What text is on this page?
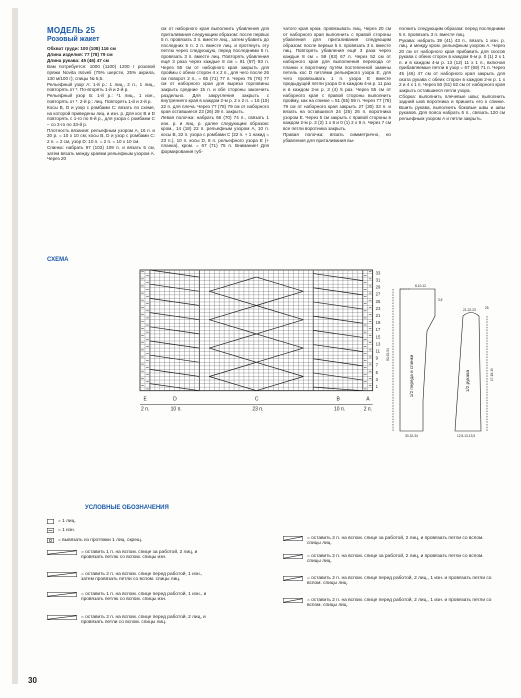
МОДЕЛЬ 25
Розовый жакет

Обхват груди: 100 (108) 116 см

Длина изделия: 77 (78) 79 см

Длина рукава: 45 (46) 47 см

Вам потребуется: 1000 (1100) 1200 г розовой пряжи Novita Isoveli (75% шерсти, 25% акрила, 130 м/100 г); спицы № 5,5.

Рельефный узор А: 1-й р.: 1 лиц., 2 п., 1 лиц., повторять от *. По-вторять 1-й и 2-й р.

Рельефный узор Б: 1-й р.: *1 лиц., 1 изн., повторять от *. 2-й р.: лиц. Повторять 1-й и 2-й р.

Косы В, D и узор с ромбами С: вязать по схеме, на которой приведены лиц. и изн. р. Для кос В и D повторять с 1-го по 8-й р., для узора с ромбами С – со 2-го по 33-й р.

Плотность вязания: рельефным узором А, 16 п. и 20 р. = 10 х 10 см; косы В, D и узор с ромбами С: 2 п. = 2 см, узор D: 10 п. = 2 п. = 10 х 10 см.

Спинка: набрать 97 (103) 109 п. и вязать 5 см, затем вязать между краями рельефным узором А. Через 20

см от наборного края выполнить убавления для приталивания следующим образом: после первых 5 п. провязать 3 п. вместе лиц., затем убавить до последних 5 п. 2 п. вместе лиц. и протянуть эту петлю через следующую, перед последними 5 п. провязать 3 п. вместе лиц. Повторять убавления ещё 3 раза через каждые 8 см = 81 (87) 93 п. Через 55 см от наборного края закрыть для проймы с обеих сторон 4 х 2 п., для чего после 26 см поворот 2 п., = 65 (71) 77 п. Через 75 (76) 77 см от наборного края для выреза горловины закрыть средние 15 п. и обе стороны закончить раздельно. Для закругления закрыть с внутреннего края в каждом 2-м р. 2 х 2 п. = 16 (19) 22 п. для плеча. Через 77 (78) 79 см от наборного края оставшиеся 23 (26) 29 п. закрыть.

Левая полочка: набрать 66 (70) 74 п., связать 1 изн. р. и лиц. р. далее следующим образом: кром., 14 (18) 22 п. рельефным узором А, 10 п. косы В, 22 п. узора с ромбами С (22 п. + 1 накид = 23 п.), 10 п. косы D, 8 п. рельефного узора Е (+ планка), кром. = 67 (71) 75 п. Внимание! Для формирования губ-

чатого края кром. провязывать лиц. Через 20 см от наборного края выполнить с правой стороны убавления для приталивания следующим образом: после первых 5 п. провязать 3 п. вместе лиц. Повторять убавления ещё 3 раза через каждые 8 см = 59 (63) 67 п. Через 52 см от наборного края для выполнения перехода от планки к воротнику путём постепенной замены петель кос D петлями рельефного узора Е, для чего провязывать 1 п. узора Е вместе предыдущей петли узора D в каждом 4-м р. 11 раз и в каждом 2-м р. 3 (4) 5 раз. Через 55 см от наборного края с правой стороны выполнить пройму, как на спинке = 51 (55) 59 п. Через 77 (78) 79 см от наборного края закрыть 27 (30) 33 п. и вязать на оставшихся 24 (25) 26 п. воротника узором Е. Через 5 см закрыть с правой стороны в каждом 2-м р. 3 (2) 1 х 8 и 0 (1) 2 х 9 п. Через 7 см все петли воротника закрыть.

Правая полочка: вязать симметрично, но убавления для приталивания вы-

полнить следующим образом: перед последними 5 п. провязать 3 п. вместе лиц.

Рукава: набрать 39 (41) 43 п., вязать 1 изн. р. лиц. и между кром. рельефным узором А. Через 20 см от наборного края прибавить для скосов рукава с обеих сторон в каждом 6-м р. 0 (1) 2 х 1 п. и в каждом 4-м р. 13 (12) 11 х 1 п., включая прибавляемые петли в узор = 67 (69) 71 п. Через 45 (46) 47 см от наборного края закрыть для оката рукава с обеих сторон в каждом 2-м р. 1 х 2 и 4 х 1 п. Через 50 (51) 52 см от наборного края закрыть оставшиеся петли узора.

Сборка: выполнить плечевые швы; выполнить задний шов воротника и пришить его к спинке. Вшить рукава, выполнить боковые швы и швы рукавов. Для пояса набрать 6 п., связать 120 см рельефным узором А и петли закрыть.

СХЕМА
33
31
29
27
25
23
21
19
17
15
13
11
9
7
5
3
1
E	D	C	B	A
2 п.	10 п.	23 п.	10 п.	2 п.
1/2 переда и спинки	1/2 рукава
30-32-34	12,5-13-13,5
8-10-12
21-22-23
17-18-19
50-52-54
3,5
25
УСЛОВНЫЕ ОБОЗНАЧЕНИЯ
= 1 лиц.
= 1 изн.
= вывязать из протяжки 1 лиц. скрещ.
= оставить 1 п. на вспом. спице за работой, 2 лиц, и провязать петлю со вспом. спицы изн.
= оставить 2 п. на вспом. спице перед работой, 1 изн., затем провязать петли со вспом. спицы лиц.
= оставить 1 п. на вспом. спице перед работой, 1 изн., и провязать петлю со вспом. спицы изн.
= оставить 2 п. на вспом. спице перед работой, 2 лиц, и провязать петли со вспом. спицы лиц.
= оставить 2 п. на вспом. спице за работой, 2 лиц, и провязать петли со вспом. спицы лиц.
= оставить 2 п. на вспом. спице за работой, 2 лиц, и провязать петли со вспом. спицы лиц.
= оставить 2 п. на вспом. спице перед работой, 2 лиц., 1 изн. и провязать петли со вспом. спицы лиц.
= оставить 2 п. на вспом. спице перед работой, 2 лиц., 1 изн. и провязать петли со вспом. спицы лиц.
30
